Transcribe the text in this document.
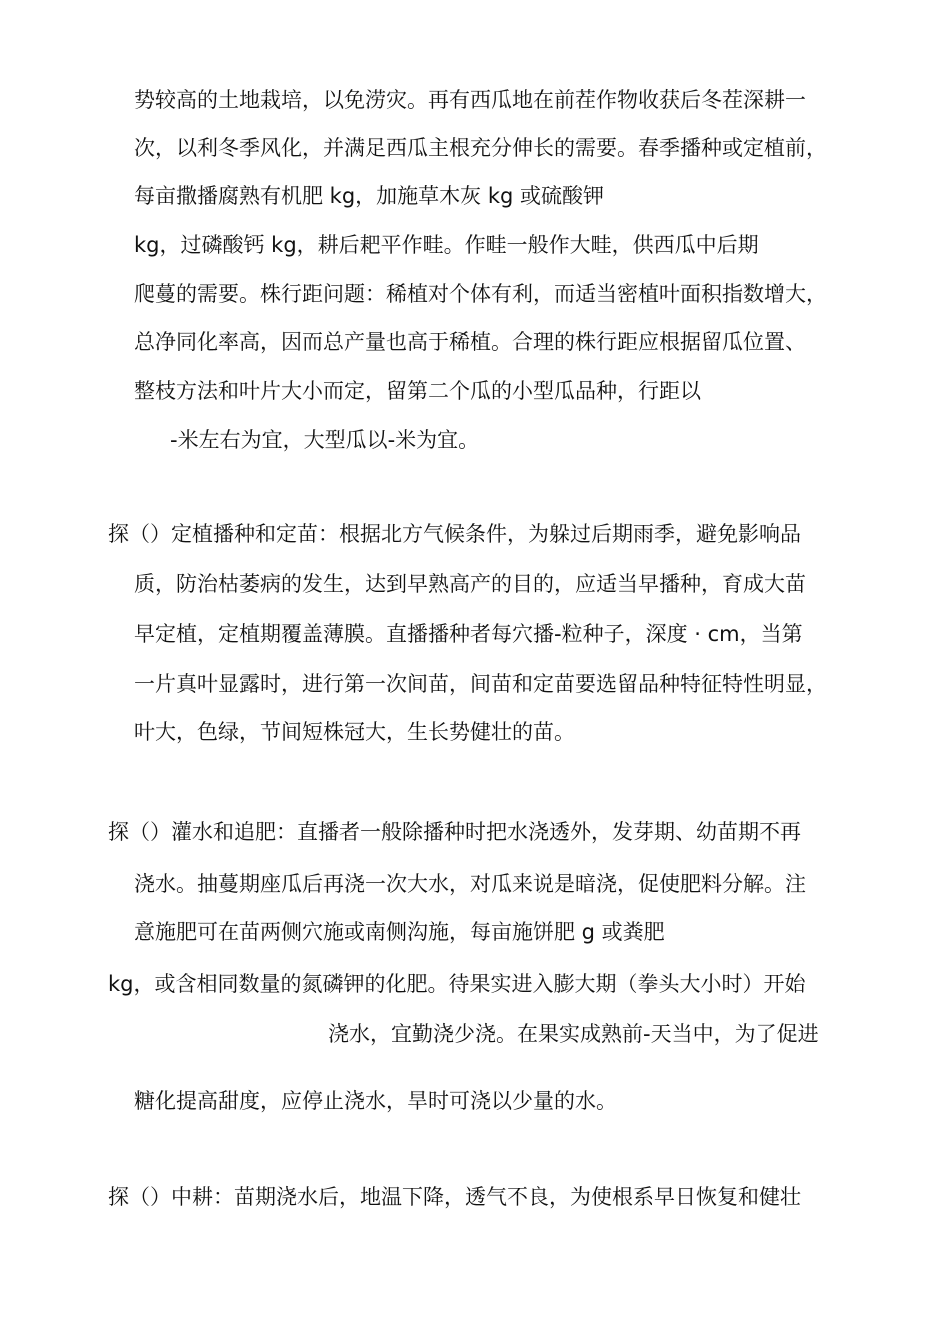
势较高的土地栽培，以免涝灾。再有西瓜地在前茬作物收获后冬茬深耕一
次，以利冬季风化，并满足西瓜主根充分伸长的需要。春季播种或定植前，
每亩撒播腐熟有机肥 kg，加施草木灰 kg 或硫酸钾
kg，过磷酸钙 kg，耕后耙平作畦。作畦一般作大畦，供西瓜中后期
爬蔓的需要。株行距问题：稀植对个体有利，而适当密植叶面积指数增大，
总净同化率高，因而总产量也高于稀植。合理的株行距应根据留瓜位置、
整枝方法和叶片大小而定，留第二个瓜的小型瓜品种，行距以
-米左右为宜，大型瓜以-米为宜。
探（）定植播种和定苗：根据北方气候条件，为躲过后期雨季，避免影响品
质，防治枯萎病的发生，达到早熟高产的目的，应适当早播种，育成大苗
早定植，定植期覆盖薄膜。直播播种者每穴播-粒种子，深度 · cm，当第
一片真叶显露时，进行第一次间苗，间苗和定苗要选留品种特征特性明显，
叶大，色绿，节间短株冠大，生长势健壮的苗。
探（）灌水和追肥：直播者一般除播种时把水浇透外，发芽期、幼苗期不再
浇水。抽蔓期座瓜后再浇一次大水，对瓜来说是暗浇，促使肥料分解。注
意施肥可在苗两侧穴施或南侧沟施，每亩施饼肥 g 或粪肥
kg，或含相同数量的氮磷钾的化肥。待果实进入膨大期（拳头大小时）开始
浇水，宜勤浇少浇。在果实成熟前-天当中，为了促进
糖化提高甜度，应停止浇水，旱时可浇以少量的水。
探（）中耕：苗期浇水后，地温下降，透气不良，为使根系早日恢复和健壮
